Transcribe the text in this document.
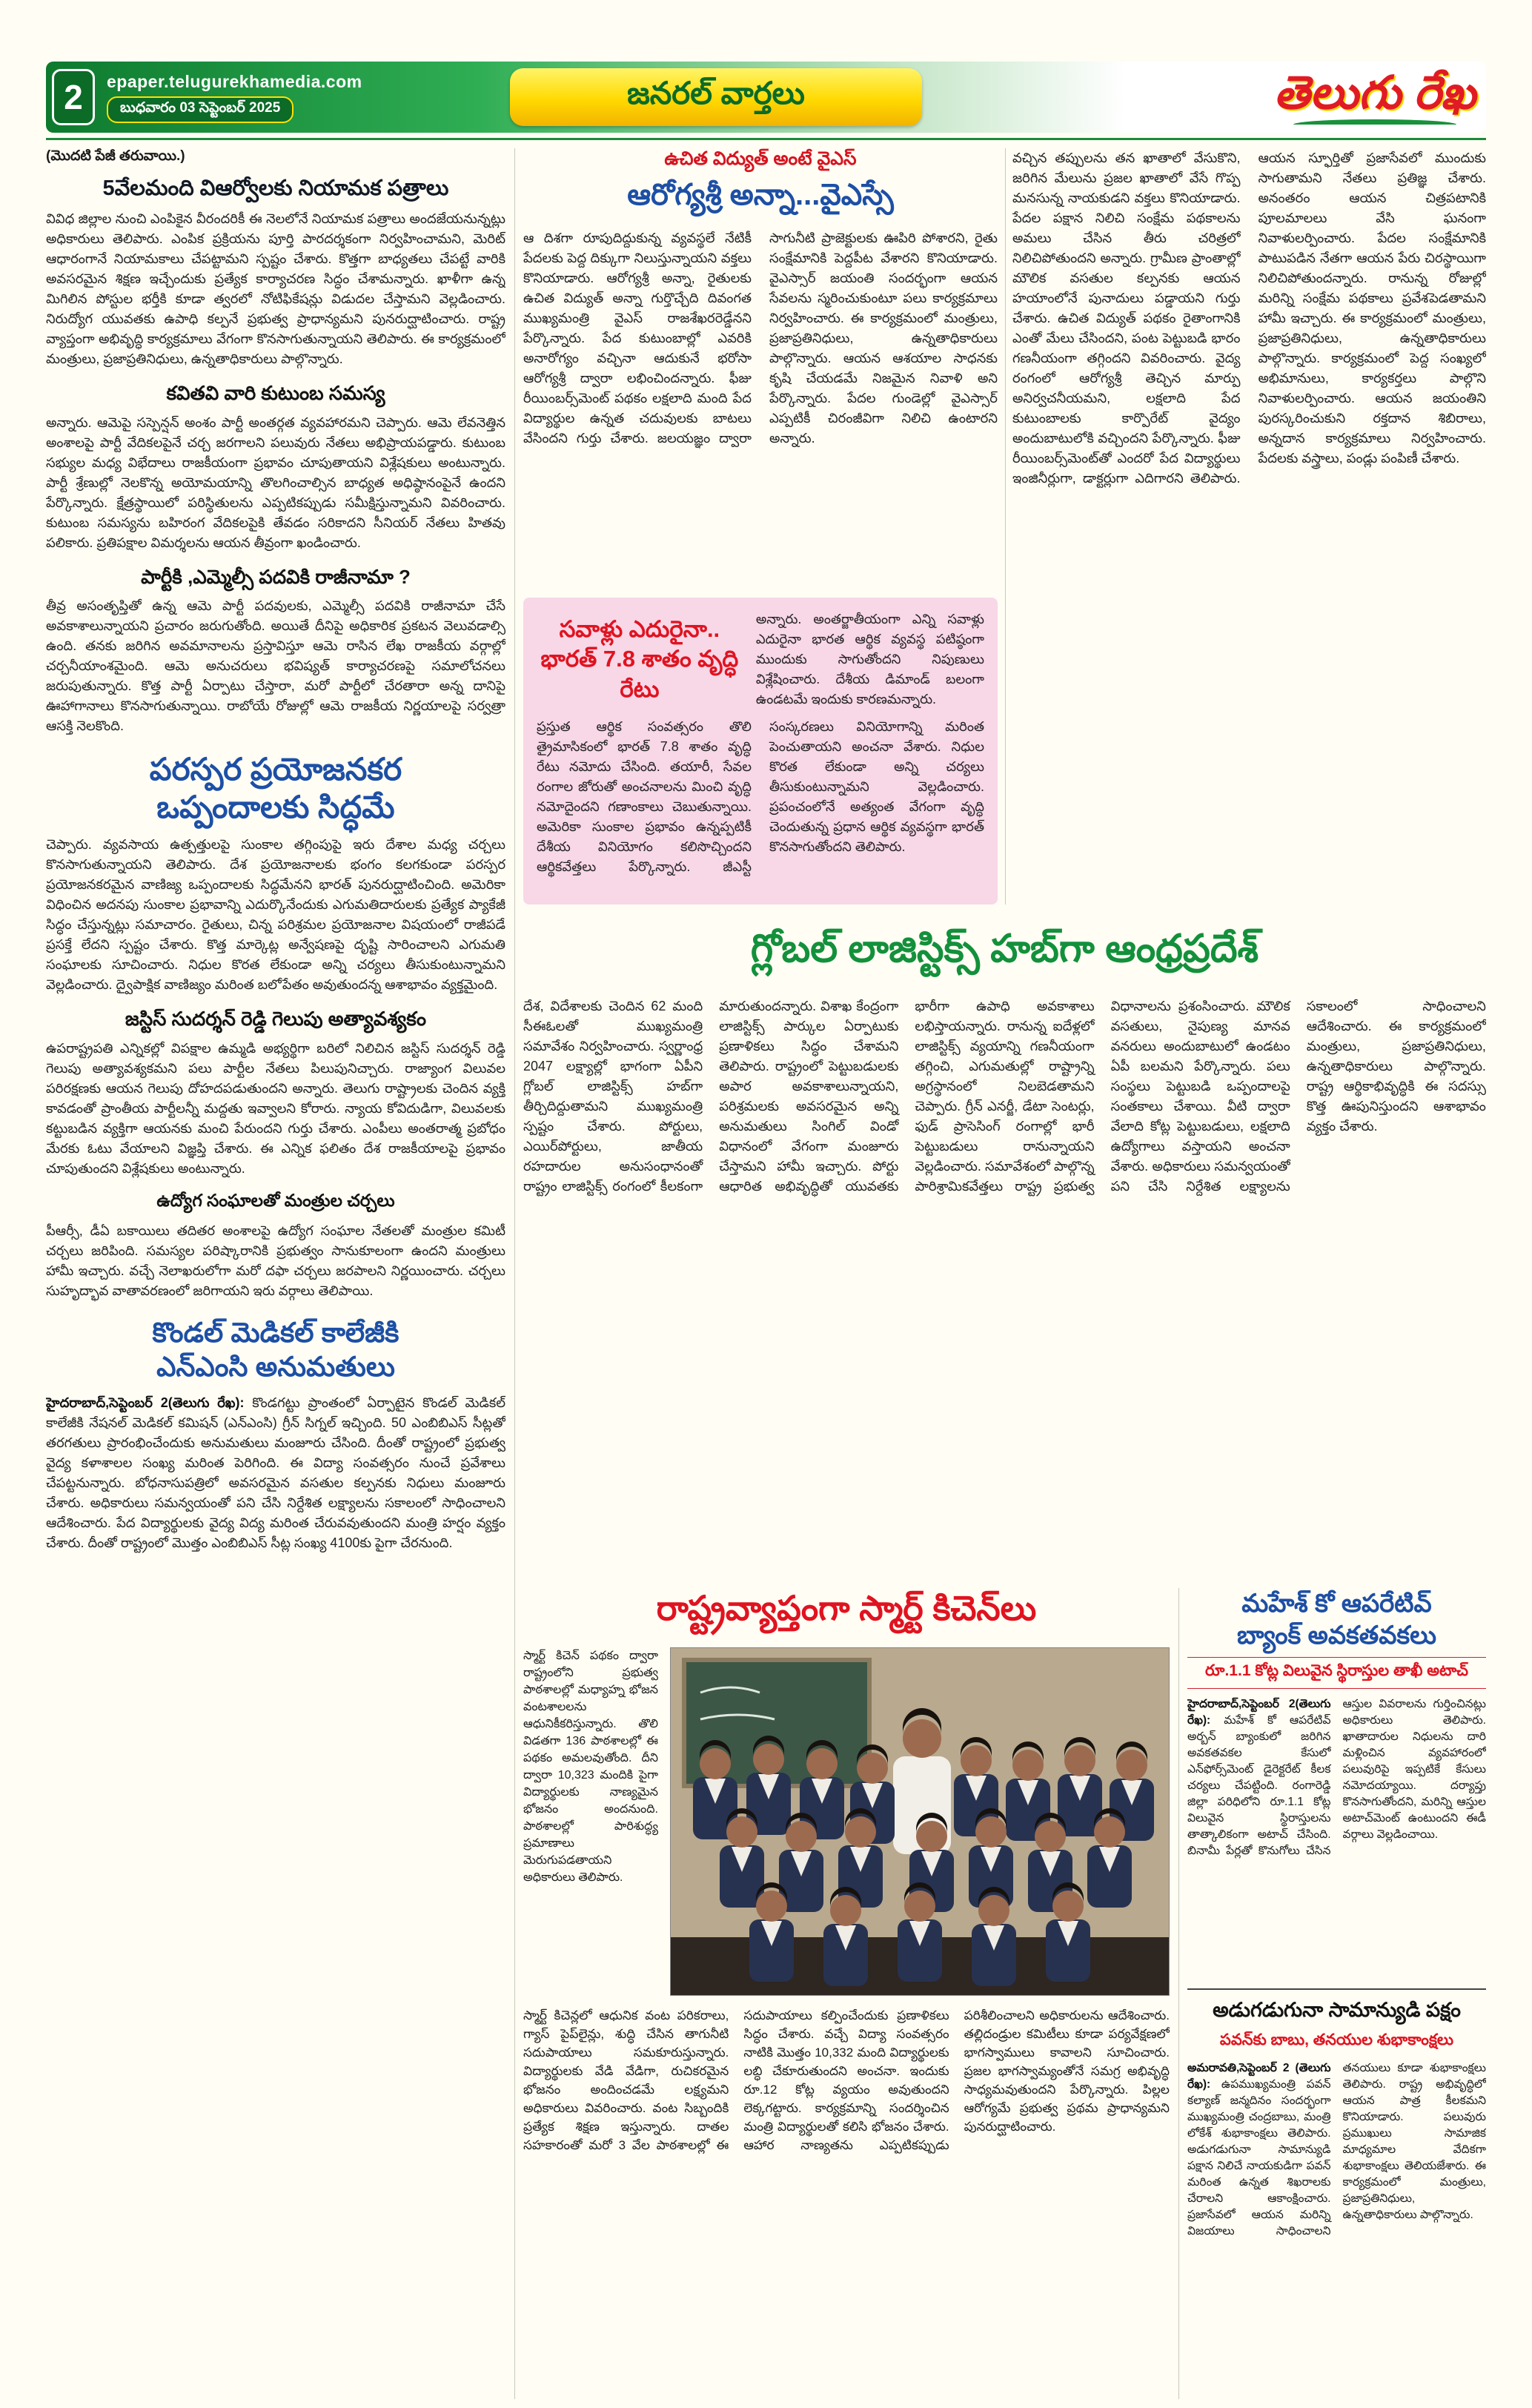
2	epaper.telugurekhamedia.com
బుధవారం 03 సెప్టెంబర్ 2025	జనరల్ వార్తలు	తెలుగు రేఖ
(మొదటి పేజీ తరువాయి.)
5వేలమంది విఆర్వోలకు నియామక పత్రాలు

వివిధ జిల్లాల నుంచి ఎంపికైన వీరందరికీ ఈ నెలలోనే నియామక పత్రాలు అందజేయనున్నట్లు అధికారులు తెలిపారు. ఎంపిక ప్రక్రియను పూర్తి పారదర్శకంగా నిర్వహించామని, మెరిట్ ఆధారంగానే నియామకాలు చేపట్టామని స్పష్టం చేశారు. కొత్తగా బాధ్యతలు చేపట్టే వారికి అవసరమైన శిక్షణ ఇచ్చేందుకు ప్రత్యేక కార్యాచరణ సిద్ధం చేశామన్నారు. ఖాళీగా ఉన్న మిగిలిన పోస్టుల భర్తీకి కూడా త్వరలో నోటిఫికేషన్లు విడుదల చేస్తామని వెల్లడించారు. నిరుద్యోగ యువతకు ఉపాధి కల్పనే ప్రభుత్వ ప్రాధాన్యమని పునరుద్ఘాటించారు. రాష్ట్ర వ్యాప్తంగా అభివృద్ధి కార్యక్రమాలు వేగంగా కొనసాగుతున్నాయని తెలిపారు. ఈ కార్యక్రమంలో మంత్రులు, ప్రజాప్రతినిధులు, ఉన్నతాధికారులు పాల్గొన్నారు.

కవితవి వారి కుటుంబ సమస్య

అన్నారు. ఆమెపై సస్పెన్షన్ అంశం పార్టీ అంతర్గత వ్యవహారమని చెప్పారు. ఆమె లేవనెత్తిన అంశాలపై పార్టీ వేదికలపైనే చర్చ జరగాలని పలువురు నేతలు అభిప్రాయపడ్డారు. కుటుంబ సభ్యుల మధ్య విభేదాలు రాజకీయంగా ప్రభావం చూపుతాయని విశ్లేషకులు అంటున్నారు. పార్టీ శ్రేణుల్లో నెలకొన్న అయోమయాన్ని తొలగించాల్సిన బాధ్యత అధిష్ఠానంపైనే ఉందని పేర్కొన్నారు. క్షేత్రస్థాయిలో పరిస్థితులను ఎప్పటికప్పుడు సమీక్షిస్తున్నామని వివరించారు. కుటుంబ సమస్యను బహిరంగ వేదికలపైకి తేవడం సరికాదని సీనియర్ నేతలు హితవు పలికారు. ప్రతిపక్షాల విమర్శలను ఆయన తీవ్రంగా ఖండించారు.

పార్టీకి ,ఎమ్మెల్సీ పదవికి రాజీనామా ?

తీవ్ర అసంతృప్తితో ఉన్న ఆమె పార్టీ పదవులకు, ఎమ్మెల్సీ పదవికి రాజీనామా చేసే అవకాశాలున్నాయని ప్రచారం జరుగుతోంది. అయితే దీనిపై అధికారిక ప్రకటన వెలువడాల్సి ఉంది. తనకు జరిగిన అవమానాలను ప్రస్తావిస్తూ ఆమె రాసిన లేఖ రాజకీయ వర్గాల్లో చర్చనీయాంశమైంది. ఆమె అనుచరులు భవిష్యత్ కార్యాచరణపై సమాలోచనలు జరుపుతున్నారు. కొత్త పార్టీ ఏర్పాటు చేస్తారా, మరో పార్టీలో చేరతారా అన్న దానిపై ఊహాగానాలు కొనసాగుతున్నాయి. రాబోయే రోజుల్లో ఆమె రాజకీయ నిర్ణయాలపై సర్వత్రా ఆసక్తి నెలకొంది.

పరస్పర ప్రయోజనకర
ఒప్పందాలకు సిద్ధమే

చెప్పారు. వ్యవసాయ ఉత్పత్తులపై సుంకాల తగ్గింపుపై ఇరు దేశాల మధ్య చర్చలు కొనసాగుతున్నాయని తెలిపారు. దేశ ప్రయోజనాలకు భంగం కలగకుండా పరస్పర ప్రయోజనకరమైన వాణిజ్య ఒప్పందాలకు సిద్ధమేనని భారత్ పునరుద్ఘాటించింది. అమెరికా విధించిన అదనపు సుంకాల ప్రభావాన్ని ఎదుర్కొనేందుకు ఎగుమతిదారులకు ప్రత్యేక ప్యాకేజీ సిద్ధం చేస్తున్నట్లు సమాచారం. రైతులు, చిన్న పరిశ్రమల ప్రయోజనాల విషయంలో రాజీపడే ప్రసక్తే లేదని స్పష్టం చేశారు. కొత్త మార్కెట్ల అన్వేషణపై దృష్టి సారించాలని ఎగుమతి సంఘాలకు సూచించారు. నిధుల కొరత లేకుండా అన్ని చర్యలు తీసుకుంటున్నామని వెల్లడించారు. ద్వైపాక్షిక వాణిజ్యం మరింత బలోపేతం అవుతుందన్న ఆశాభావం వ్యక్తమైంది.

జస్టిస్ సుదర్శన్ రెడ్డి గెలుపు అత్యావశ్యకం

ఉపరాష్ట్రపతి ఎన్నికల్లో విపక్షాల ఉమ్మడి అభ్యర్థిగా బరిలో నిలిచిన జస్టిస్ సుదర్శన్ రెడ్డి గెలుపు అత్యావశ్యకమని పలు పార్టీల నేతలు పిలుపునిచ్చారు. రాజ్యాంగ విలువల పరిరక్షణకు ఆయన గెలుపు దోహదపడుతుందని అన్నారు. తెలుగు రాష్ట్రాలకు చెందిన వ్యక్తి కావడంతో ప్రాంతీయ పార్టీలన్నీ మద్దతు ఇవ్వాలని కోరారు. న్యాయ కోవిదుడిగా, విలువలకు కట్టుబడిన వ్యక్తిగా ఆయనకు మంచి పేరుందని గుర్తు చేశారు. ఎంపీలు అంతరాత్మ ప్రబోధం మేరకు ఓటు వేయాలని విజ్ఞప్తి చేశారు. ఈ ఎన్నిక ఫలితం దేశ రాజకీయాలపై ప్రభావం చూపుతుందని విశ్లేషకులు అంటున్నారు.

ఉద్యోగ సంఘాలతో మంత్రుల చర్చలు

పీఆర్సీ, డీఏ బకాయిలు తదితర అంశాలపై ఉద్యోగ సంఘాల నేతలతో మంత్రుల కమిటీ చర్చలు జరిపింది. సమస్యల పరిష్కారానికి ప్రభుత్వం సానుకూలంగా ఉందని మంత్రులు హామీ ఇచ్చారు. వచ్చే నెలాఖరులోగా మరో దఫా చర్చలు జరపాలని నిర్ణయించారు. చర్చలు సుహృద్భావ వాతావరణంలో జరిగాయని ఇరు వర్గాలు తెలిపాయి.

కొండల్ మెడికల్ కాలేజీకి
ఎన్ఎంసి అనుమతులు

హైదరాబాద్,సెప్టెంబర్ 2(తెలుగు రేఖ): కొండగట్టు ప్రాంతంలో ఏర్పాటైన కొండల్ మెడికల్ కాలేజీకి నేషనల్ మెడికల్ కమిషన్ (ఎన్ఎంసి) గ్రీన్ సిగ్నల్ ఇచ్చింది. 50 ఎంబిబిఎస్ సీట్లతో తరగతులు ప్రారంభించేందుకు అనుమతులు మంజూరు చేసింది. దీంతో రాష్ట్రంలో ప్రభుత్వ వైద్య కళాశాలల సంఖ్య మరింత పెరిగింది. ఈ విద్యా సంవత్సరం నుంచే ప్రవేశాలు చేపట్టనున్నారు. బోధనాసుపత్రిలో అవసరమైన వసతుల కల్పనకు నిధులు మంజూరు చేశారు. అధికారులు సమన్వయంతో పని చేసి నిర్దేశిత లక్ష్యాలను సకాలంలో సాధించాలని ఆదేశించారు. పేద విద్యార్థులకు వైద్య విద్య మరింత చేరువవుతుందని మంత్రి హర్షం వ్యక్తం చేశారు. దీంతో రాష్ట్రంలో మొత్తం ఎంబిబిఎస్ సీట్ల సంఖ్య 4100కు పైగా చేరనుంది.

ఉచిత విద్యుత్ అంటే వైఎస్
ఆరోగ్యశ్రీ అన్నా...వైఎస్సే

ఆ దిశగా రూపుదిద్దుకున్న వ్యవస్థలే నేటికీ పేదలకు పెద్ద దిక్కుగా నిలుస్తున్నాయని వక్తలు కొనియాడారు. ఆరోగ్యశ్రీ అన్నా, రైతులకు ఉచిత విద్యుత్ అన్నా గుర్తొచ్చేది దివంగత ముఖ్యమంత్రి వైఎస్ రాజశేఖరరెడ్డేనని పేర్కొన్నారు. పేద కుటుంబాల్లో ఎవరికి అనారోగ్యం వచ్చినా ఆదుకునే భరోసా ఆరోగ్యశ్రీ ద్వారా లభించిందన్నారు. ఫీజు రీయింబర్స్‌మెంట్ పథకం లక్షలాది మంది పేద విద్యార్థుల ఉన్నత చదువులకు బాటలు వేసిందని గుర్తు చేశారు. జలయజ్ఞం ద్వారా సాగునీటి ప్రాజెక్టులకు ఊపిరి పోశారని, రైతు సంక్షేమానికి పెద్దపీట వేశారని కొనియాడారు. వైఎస్సార్ జయంతి సందర్భంగా ఆయన సేవలను స్మరించుకుంటూ పలు కార్యక్రమాలు నిర్వహించారు. ఈ కార్యక్రమంలో మంత్రులు, ప్రజాప్రతినిధులు, ఉన్నతాధికారులు పాల్గొన్నారు. ఆయన ఆశయాల సాధనకు కృషి చేయడమే నిజమైన నివాళి అని పేర్కొన్నారు. పేదల గుండెల్లో వైఎస్సార్ ఎప్పటికీ చిరంజీవిగా నిలిచి ఉంటారని అన్నారు.

సవాళ్లు ఎదురైనా..
భారత్ 7.8 శాతం వృద్ధి రేటు

అన్నారు. అంతర్జాతీయంగా ఎన్ని సవాళ్లు ఎదురైనా భారత ఆర్థిక వ్యవస్థ పటిష్ఠంగా ముందుకు సాగుతోందని నిపుణులు విశ్లేషించారు. దేశీయ డిమాండ్ బలంగా ఉండటమే ఇందుకు కారణమన్నారు.

ప్రస్తుత ఆర్థిక సంవత్సరం తొలి త్రైమాసికంలో భారత్ 7.8 శాతం వృద్ధి రేటు నమోదు చేసింది. తయారీ, సేవల రంగాల జోరుతో అంచనాలను మించి వృద్ధి నమోదైందని గణాంకాలు చెబుతున్నాయి. అమెరికా సుంకాల ప్రభావం ఉన్నప్పటికీ దేశీయ వినియోగం కలిసొచ్చిందని ఆర్థికవేత్తలు పేర్కొన్నారు. జీఎస్టీ సంస్కరణలు వినియోగాన్ని మరింత పెంచుతాయని అంచనా వేశారు. నిధుల కొరత లేకుండా అన్ని చర్యలు తీసుకుంటున్నామని వెల్లడించారు. ప్రపంచంలోనే అత్యంత వేగంగా వృద్ధి చెందుతున్న ప్రధాన ఆర్థిక వ్యవస్థగా భారత్ కొనసాగుతోందని తెలిపారు.

వచ్చిన తప్పులను తన ఖాతాలో వేసుకొని, జరిగిన మేలును ప్రజల ఖాతాలో వేసే గొప్ప మనసున్న నాయకుడని వక్తలు కొనియాడారు. పేదల పక్షాన నిలిచి సంక్షేమ పథకాలను అమలు చేసిన తీరు చరిత్రలో నిలిచిపోతుందని అన్నారు. గ్రామీణ ప్రాంతాల్లో మౌలిక వసతుల కల్పనకు ఆయన హయాంలోనే పునాదులు పడ్డాయని గుర్తు చేశారు. ఉచిత విద్యుత్ పథకం రైతాంగానికి ఎంతో మేలు చేసిందని, పంట పెట్టుబడి భారం గణనీయంగా తగ్గిందని వివరించారు. వైద్య రంగంలో ఆరోగ్యశ్రీ తెచ్చిన మార్పు అనిర్వచనీయమని, లక్షలాది పేద కుటుంబాలకు కార్పొరేట్ వైద్యం అందుబాటులోకి వచ్చిందని పేర్కొన్నారు. ఫీజు రీయింబర్స్‌మెంట్‌తో ఎందరో పేద విద్యార్థులు ఇంజినీర్లుగా, డాక్టర్లుగా ఎదిగారని తెలిపారు. ఆయన స్ఫూర్తితో ప్రజాసేవలో ముందుకు సాగుతామని నేతలు ప్రతిజ్ఞ చేశారు. అనంతరం ఆయన చిత్రపటానికి పూలమాలలు వేసి ఘనంగా నివాళులర్పించారు. పేదల సంక్షేమానికి పాటుపడిన నేతగా ఆయన పేరు చిరస్థాయిగా నిలిచిపోతుందన్నారు. రానున్న రోజుల్లో మరిన్ని సంక్షేమ పథకాలు ప్రవేశపెడతామని హామీ ఇచ్చారు. ఈ కార్యక్రమంలో మంత్రులు, ప్రజాప్రతినిధులు, ఉన్నతాధికారులు పాల్గొన్నారు. కార్యక్రమంలో పెద్ద సంఖ్యలో అభిమానులు, కార్యకర్తలు పాల్గొని నివాళులర్పించారు. ఆయన జయంతిని పురస్కరించుకుని రక్తదాన శిబిరాలు, అన్నదాన కార్యక్రమాలు నిర్వహించారు. పేదలకు వస్త్రాలు, పండ్లు పంపిణీ చేశారు.

గ్లోబల్ లాజిస్టిక్స్ హబ్‌గా ఆంధ్రప్రదేశ్

దేశ, విదేశాలకు చెందిన 62 మంది సీఈఓలతో ముఖ్యమంత్రి సమావేశం నిర్వహించారు. స్వర్ణాంధ్ర 2047 లక్ష్యాల్లో భాగంగా ఏపీని గ్లోబల్ లాజిస్టిక్స్ హబ్‌గా తీర్చిదిద్దుతామని ముఖ్యమంత్రి స్పష్టం చేశారు. పోర్టులు, ఎయిర్‌పోర్టులు, జాతీయ రహదారుల అనుసంధానంతో రాష్ట్రం లాజిస్టిక్స్ రంగంలో కీలకంగా మారుతుందన్నారు. విశాఖ కేంద్రంగా లాజిస్టిక్స్ పార్కుల ఏర్పాటుకు ప్రణాళికలు సిద్ధం చేశామని తెలిపారు. రాష్ట్రంలో పెట్టుబడులకు అపార అవకాశాలున్నాయని, పరిశ్రమలకు అవసరమైన అన్ని అనుమతులు సింగిల్ విండో విధానంలో వేగంగా మంజూరు చేస్తామని హామీ ఇచ్చారు. పోర్టు ఆధారిత అభివృద్ధితో యువతకు భారీగా ఉపాధి అవకాశాలు లభిస్తాయన్నారు. రానున్న ఐదేళ్లలో లాజిస్టిక్స్ వ్యయాన్ని గణనీయంగా తగ్గించి, ఎగుమతుల్లో రాష్ట్రాన్ని అగ్రస్థానంలో నిలబెడతామని చెప్పారు. గ్రీన్ ఎనర్జీ, డేటా సెంటర్లు, ఫుడ్ ప్రాసెసింగ్ రంగాల్లో భారీ పెట్టుబడులు రానున్నాయని వెల్లడించారు. సమావేశంలో పాల్గొన్న పారిశ్రామికవేత్తలు రాష్ట్ర ప్రభుత్వ విధానాలను ప్రశంసించారు. మౌలిక వసతులు, నైపుణ్య మానవ వనరులు అందుబాటులో ఉండటం ఏపీ బలమని పేర్కొన్నారు. పలు సంస్థలు పెట్టుబడి ఒప్పందాలపై సంతకాలు చేశాయి. వీటి ద్వారా వేలాది కోట్ల పెట్టుబడులు, లక్షలాది ఉద్యోగాలు వస్తాయని అంచనా వేశారు. అధికారులు సమన్వయంతో పని చేసి నిర్దేశిత లక్ష్యాలను సకాలంలో సాధించాలని ఆదేశించారు. ఈ కార్యక్రమంలో మంత్రులు, ప్రజాప్రతినిధులు, ఉన్నతాధికారులు పాల్గొన్నారు. రాష్ట్ర ఆర్థికాభివృద్ధికి ఈ సదస్సు కొత్త ఊపునిస్తుందని ఆశాభావం వ్యక్తం చేశారు.

రాష్ట్రవ్యాప్తంగా స్మార్ట్ కిచెన్‌లు

స్మార్ట్ కిచెన్ పథకం ద్వారా రాష్ట్రంలోని ప్రభుత్వ పాఠశాలల్లో మధ్యాహ్న భోజన వంటశాలలను ఆధునికీకరిస్తున్నారు. తొలి విడతగా 136 పాఠశాలల్లో ఈ పథకం అమలవుతోంది. దీని ద్వారా 10,323 మందికి పైగా విద్యార్థులకు నాణ్యమైన భోజనం అందనుంది. పాఠశాలల్లో పారిశుద్ధ్య ప్రమాణాలు మెరుగుపడతాయని అధికారులు తెలిపారు.

స్మార్ట్ కిచెన్లలో ఆధునిక వంట పరికరాలు, గ్యాస్ పైప్‌లైన్లు, శుద్ధి చేసిన తాగునీటి సదుపాయాలు సమకూరుస్తున్నారు. విద్యార్థులకు వేడి వేడిగా, రుచికరమైన భోజనం అందించడమే లక్ష్యమని అధికారులు వివరించారు. వంట సిబ్బందికి ప్రత్యేక శిక్షణ ఇస్తున్నారు. దాతల సహకారంతో మరో 3 వేల పాఠశాలల్లో ఈ సదుపాయాలు కల్పించేందుకు ప్రణాళికలు సిద్ధం చేశారు. వచ్చే విద్యా సంవత్సరం నాటికి మొత్తం 10,332 మంది విద్యార్థులకు లబ్ధి చేకూరుతుందని అంచనా. ఇందుకు రూ.12 కోట్ల వ్యయం అవుతుందని లెక్కగట్టారు. కార్యక్రమాన్ని సందర్శించిన మంత్రి విద్యార్థులతో కలిసి భోజనం చేశారు. ఆహార నాణ్యతను ఎప్పటికప్పుడు పరిశీలించాలని అధికారులను ఆదేశించారు. తల్లిదండ్రుల కమిటీలు కూడా పర్యవేక్షణలో భాగస్వాములు కావాలని సూచించారు. ప్రజల భాగస్వామ్యంతోనే సమగ్ర అభివృద్ధి సాధ్యమవుతుందని పేర్కొన్నారు. పిల్లల ఆరోగ్యమే ప్రభుత్వ ప్రథమ ప్రాధాన్యమని పునరుద్ఘాటించారు.

మహేశ్ కో ఆపరేటివ్
బ్యాంక్ అవకతవకలు
రూ.1.1 కోట్ల విలువైన స్థిరాస్తుల తాఖీ అటాచ్

హైదరాబాద్,సెప్టెంబర్ 2(తెలుగు రేఖ): మహేశ్ కో ఆపరేటివ్ అర్బన్ బ్యాంకులో జరిగిన అవకతవకల కేసులో ఎన్‌ఫోర్స్‌మెంట్ డైరెక్టరేట్ కీలక చర్యలు చేపట్టింది. రంగారెడ్డి జిల్లా పరిధిలోని రూ.1.1 కోట్ల విలువైన స్థిరాస్తులను తాత్కాలికంగా అటాచ్ చేసింది. బినామీ పేర్లతో కొనుగోలు చేసిన ఆస్తుల వివరాలను గుర్తించినట్లు అధికారులు తెలిపారు. ఖాతాదారుల నిధులను దారి మళ్లించిన వ్యవహారంలో పలువురిపై ఇప్పటికే కేసులు నమోదయ్యాయి. దర్యాప్తు కొనసాగుతోందని, మరిన్ని ఆస్తుల అటాచ్‌మెంట్ ఉంటుందని ఈడీ వర్గాలు వెల్లడించాయి.

అడుగడుగునా సామాన్యుడి పక్షం
పవన్‌కు బాబు, తనయుల శుభాకాంక్షలు

అమరావతి,సెప్టెంబర్ 2 (తెలుగు రేఖ): ఉపముఖ్యమంత్రి పవన్ కల్యాణ్ జన్మదినం సందర్భంగా ముఖ్యమంత్రి చంద్రబాబు, మంత్రి లోకేశ్ శుభాకాంక్షలు తెలిపారు. అడుగడుగునా సామాన్యుడి పక్షాన నిలిచే నాయకుడిగా పవన్ మరింత ఉన్నత శిఖరాలకు చేరాలని ఆకాంక్షించారు. ప్రజాసేవలో ఆయన మరిన్ని విజయాలు సాధించాలని తనయులు కూడా శుభాకాంక్షలు తెలిపారు. రాష్ట్ర అభివృద్ధిలో ఆయన పాత్ర కీలకమని కొనియాడారు. పలువురు ప్రముఖులు సామాజిక మాధ్యమాల వేదికగా శుభాకాంక్షలు తెలియజేశారు. ఈ కార్యక్రమంలో మంత్రులు, ప్రజాప్రతినిధులు, ఉన్నతాధికారులు పాల్గొన్నారు.
